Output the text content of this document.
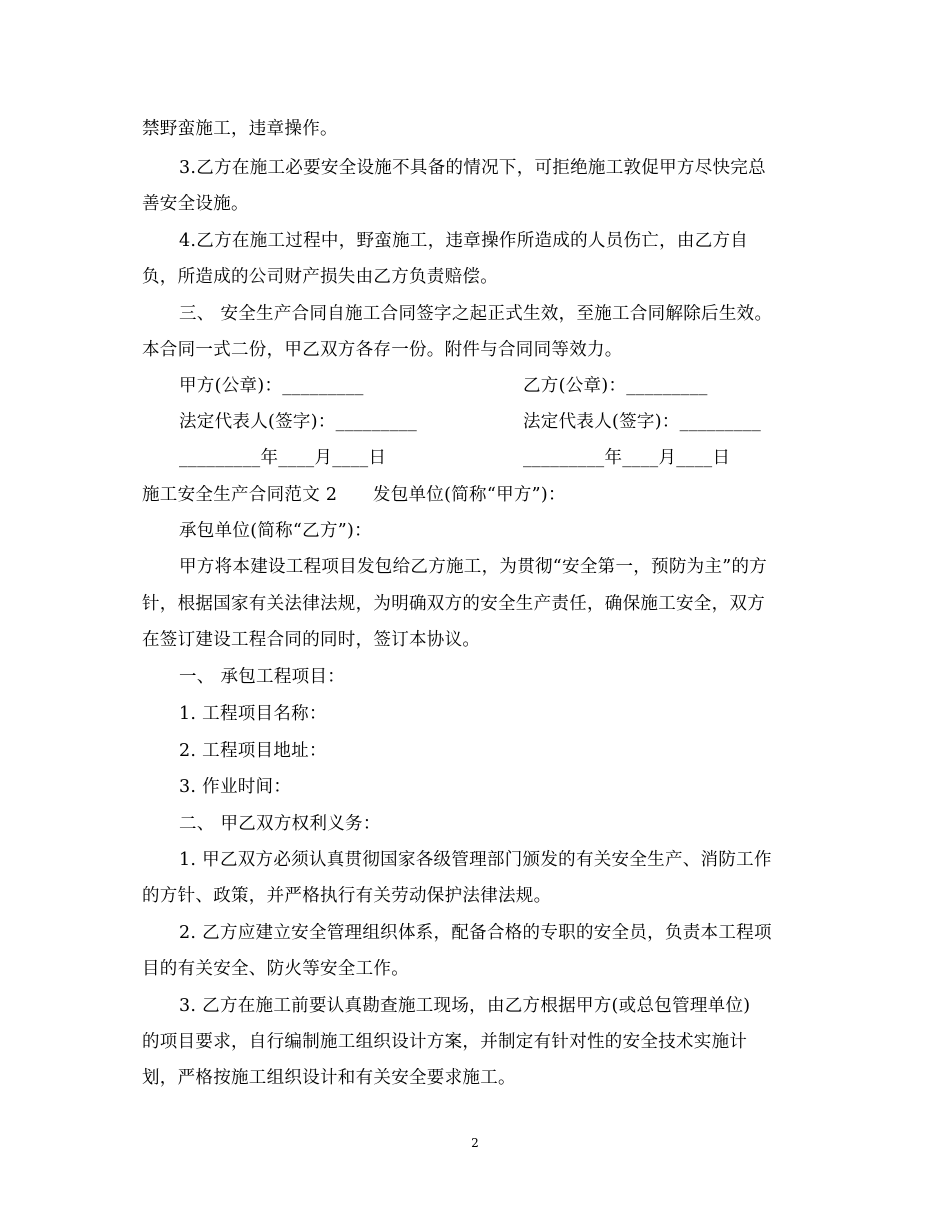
禁野蛮施工，违章操作。
3.乙方在施工必要安全设施不具备的情况下，可拒绝施工敦促甲方尽快完总
善安全设施。
4.乙方在施工过程中，野蛮施工，违章操作所造成的人员伤亡，由乙方自
负，所造成的公司财产损失由乙方负责赔偿。
三、 安全生产合同自施工合同签字之起正式生效，至施工合同解除后生效。
本合同一式二份，甲乙双方各存一份。附件与合同同等效力。
甲方(公章)：_________	乙方(公章)：_________
法定代表人(签字)：_________	法定代表人(签字)：_________
_________年____月____日	_________年____月____日
施工安全生产合同范文 2　　发包单位(简称“甲方”)：
承包单位(简称“乙方”)：
甲方将本建设工程项目发包给乙方施工，为贯彻“安全第一，预防为主”的方
针，根据国家有关法律法规，为明确双方的安全生产责任，确保施工安全，双方
在签订建设工程合同的同时，签订本协议。
一、 承包工程项目：
1. 工程项目名称：
2. 工程项目地址：
3. 作业时间：
二、 甲乙双方权利义务：
1. 甲乙双方必须认真贯彻国家各级管理部门颁发的有关安全生产、消防工作
的方针、政策，并严格执行有关劳动保护法律法规。
2. 乙方应建立安全管理组织体系，配备合格的专职的安全员，负责本工程项
目的有关安全、防火等安全工作。
3. 乙方在施工前要认真勘查施工现场，由乙方根据甲方(或总包管理单位)
的项目要求，自行编制施工组织设计方案，并制定有针对性的安全技术实施计
划，严格按施工组织设计和有关安全要求施工。
2
